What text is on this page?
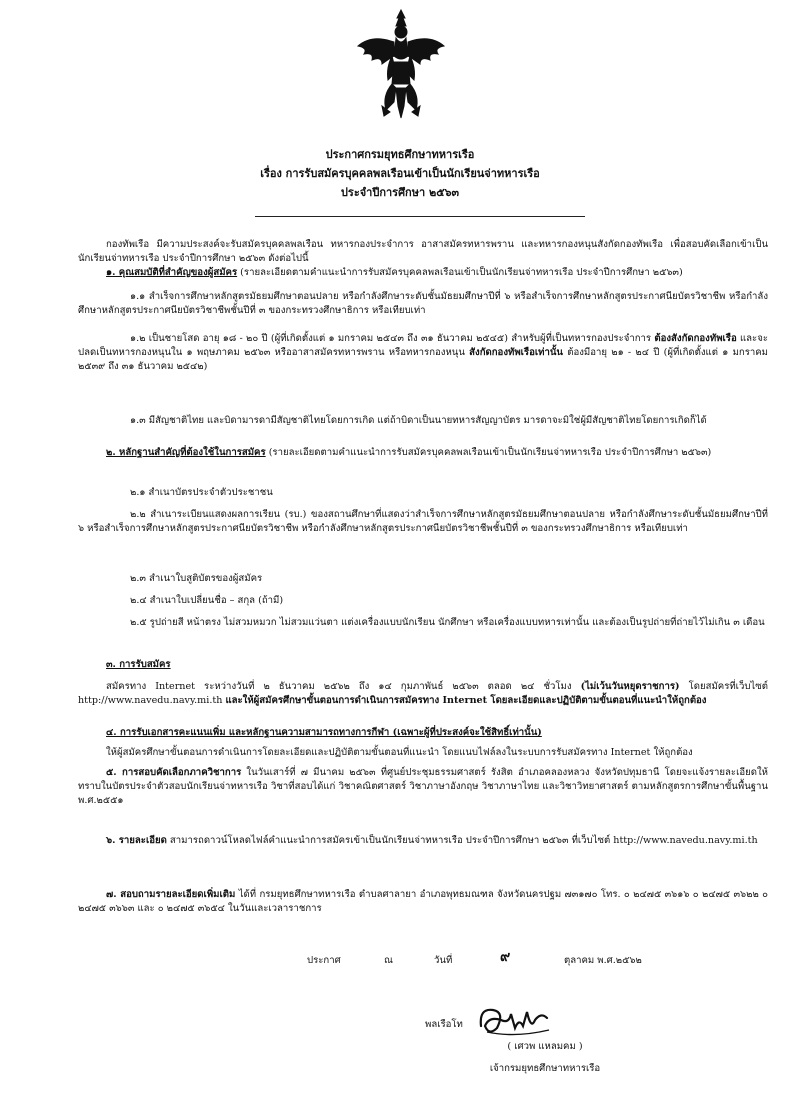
ประกาศกรมยุทธศึกษาทหารเรือ
เรื่อง การรับสมัครบุคคลพลเรือนเข้าเป็นนักเรียนจ่าทหารเรือ
ประจำปีการศึกษา ๒๕๖๓
กองทัพเรือ มีความประสงค์จะรับสมัครบุคคลพลเรือน ทหารกองประจำการ อาสาสมัครทหารพราน และทหารกองหนุนสังกัดกองทัพเรือ เพื่อสอบคัดเลือกเข้าเป็นนักเรียนจ่าทหารเรือ ประจำปีการศึกษา ๒๕๖๓ ดังต่อไปนี้
๑. คุณสมบัติที่สำคัญของผู้สมัคร (รายละเอียดตามคำแนะนำการรับสมัครบุคคลพลเรือนเข้าเป็นนักเรียนจ่าทหารเรือ ประจำปีการศึกษา ๒๕๖๓)
๑.๑ สำเร็จการศึกษาหลักสูตรมัธยมศึกษาตอนปลาย หรือกำลังศึกษาระดับชั้นมัธยมศึกษาปีที่ ๖ หรือสำเร็จการศึกษาหลักสูตรประกาศนียบัตรวิชาชีพ หรือกำลังศึกษาหลักสูตรประกาศนียบัตรวิชาชีพชั้นปีที่ ๓ ของกระทรวงศึกษาธิการ หรือเทียบเท่า
๑.๒ เป็นชายโสด อายุ ๑๘ - ๒๐ ปี (ผู้ที่เกิดตั้งแต่ ๑ มกราคม ๒๕๔๓ ถึง ๓๑ ธันวาคม ๒๕๔๕) สำหรับผู้ที่เป็นทหารกองประจำการ ต้องสังกัดกองทัพเรือ และจะปลดเป็นทหารกองหนุนใน ๑ พฤษภาคม ๒๕๖๓ หรืออาสาสมัครทหารพราน หรือทหารกองหนุน สังกัดกองทัพเรือเท่านั้น ต้องมีอายุ ๒๑ - ๒๔ ปี (ผู้ที่เกิดตั้งแต่ ๑ มกราคม ๒๕๓๙ ถึง ๓๑ ธันวาคม ๒๕๔๒)
๑.๓ มีสัญชาติไทย และบิดามารดามีสัญชาติไทยโดยการเกิด แต่ถ้าบิดาเป็นนายทหารสัญญาบัตร มารดาจะมิใช่ผู้มีสัญชาติไทยโดยการเกิดก็ได้
๒. หลักฐานสำคัญที่ต้องใช้ในการสมัคร (รายละเอียดตามคำแนะนำการรับสมัครบุคคลพลเรือนเข้าเป็นนักเรียนจ่าทหารเรือ ประจำปีการศึกษา ๒๕๖๓)
๒.๑ สำเนาบัตรประจำตัวประชาชน
๒.๒ สำเนาระเบียนแสดงผลการเรียน (รบ.) ของสถานศึกษาที่แสดงว่าสำเร็จการศึกษาหลักสูตรมัธยมศึกษาตอนปลาย หรือกำลังศึกษาระดับชั้นมัธยมศึกษาปีที่ ๖ หรือสำเร็จการศึกษาหลักสูตรประกาศนียบัตรวิชาชีพ หรือกำลังศึกษาหลักสูตรประกาศนียบัตรวิชาชีพชั้นปีที่ ๓ ของกระทรวงศึกษาธิการ หรือเทียบเท่า
๒.๓ สำเนาใบสูติบัตรของผู้สมัคร
๒.๔ สำเนาใบเปลี่ยนชื่อ – สกุล (ถ้ามี)
๒.๕ รูปถ่ายสี หน้าตรง ไม่สวมหมวก ไม่สวมแว่นตา แต่งเครื่องแบบนักเรียน นักศึกษา หรือเครื่องแบบทหารเท่านั้น และต้องเป็นรูปถ่ายที่ถ่ายไว้ไม่เกิน ๓ เดือน
๓. การรับสมัคร
สมัครทาง Internet ระหว่างวันที่ ๒ ธันวาคม ๒๕๖๒ ถึง ๑๔ กุมภาพันธ์ ๒๕๖๓ ตลอด ๒๔ ชั่วโมง (ไม่เว้นวันหยุดราชการ) โดยสมัครที่เว็บไซต์ http://www.navedu.navy.mi.th และให้ผู้สมัครศึกษาขั้นตอนการดำเนินการสมัครทาง Internet โดยละเอียดและปฏิบัติตามขั้นตอนที่แนะนำให้ถูกต้อง
๔. การรับเอกสารคะแนนเพิ่ม และหลักฐานความสามารถทางการกีฬา (เฉพาะผู้ที่ประสงค์จะใช้สิทธิ์เท่านั้น)
ให้ผู้สมัครศึกษาขั้นตอนการดำเนินการโดยละเอียดและปฏิบัติตามขั้นตอนที่แนะนำ โดยแนบไฟล์ลงในระบบการรับสมัครทาง Internet ให้ถูกต้อง
๕. การสอบคัดเลือกภาควิชาการ ในวันเสาร์ที่ ๗ มีนาคม ๒๕๖๓ ที่ศูนย์ประชุมธรรมศาสตร์ รังสิต อำเภอคลองหลวง จังหวัดปทุมธานี โดยจะแจ้งรายละเอียดให้ทราบในบัตรประจำตัวสอบนักเรียนจ่าทหารเรือ วิชาที่สอบได้แก่ วิชาคณิตศาสตร์ วิชาภาษาอังกฤษ วิชาภาษาไทย และวิชาวิทยาศาสตร์ ตามหลักสูตรการศึกษาขั้นพื้นฐาน พ.ศ.๒๕๕๑
๖. รายละเอียด สามารถดาวน์โหลดไฟล์คำแนะนำการสมัครเข้าเป็นนักเรียนจ่าทหารเรือ ประจำปีการศึกษา ๒๕๖๓ ที่เว็บไซต์ http://www.navedu.navy.mi.th
๗. สอบถามรายละเอียดเพิ่มเติม ได้ที่ กรมยุทธศึกษาทหารเรือ ตำบลศาลายา อำเภอพุทธมณฑล จังหวัดนครปฐม ๗๓๑๗๐ โทร. ๐ ๒๔๗๕ ๓๖๑๖ ๐ ๒๔๗๕ ๓๖๒๒ ๐ ๒๔๗๕ ๓๖๖๓ และ ๐ ๒๔๗๕ ๓๖๕๔ ในวันและเวลาราชการ
ประกาศ	ณ	วันที่	๙	ตุลาคม พ.ศ.๒๕๖๒
พลเรือโท
( เศวพ แหลมคม )
เจ้ากรมยุทธศึกษาทหารเรือ
